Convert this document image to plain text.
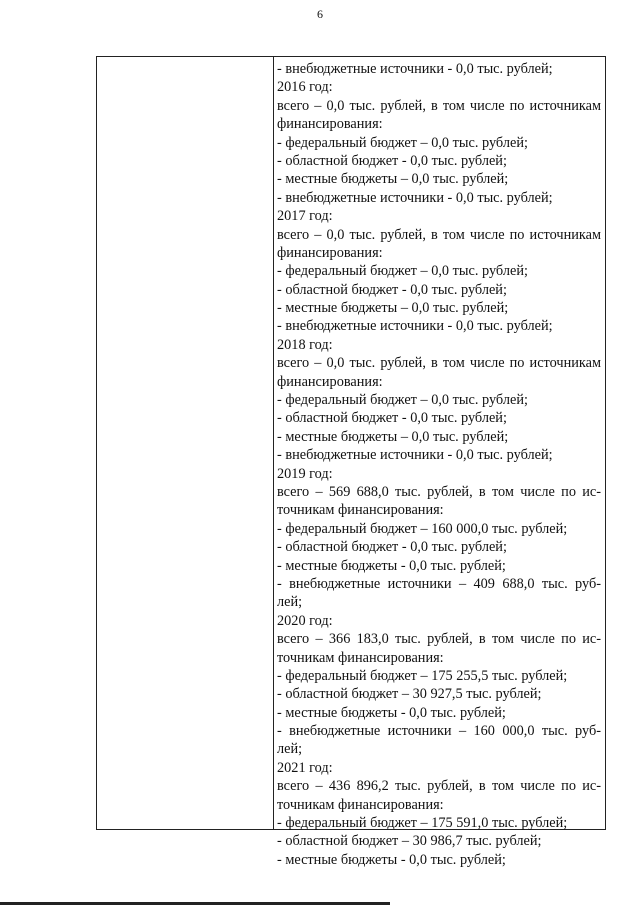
6
- внебюджетные источники - 0,0 тыс. рублей;
2016 год:
всего – 0,0 тыс. рублей, в том числе по источникам
финансирования:
- федеральный бюджет – 0,0 тыс. рублей;
- областной бюджет - 0,0 тыс. рублей;
- местные бюджеты – 0,0 тыс. рублей;
- внебюджетные источники - 0,0 тыс. рублей;
2017 год:
всего – 0,0 тыс. рублей, в том числе по источникам
финансирования:
- федеральный бюджет – 0,0 тыс. рублей;
- областной бюджет - 0,0 тыс. рублей;
- местные бюджеты – 0,0 тыс. рублей;
- внебюджетные источники - 0,0 тыс. рублей;
2018 год:
всего – 0,0 тыс. рублей, в том числе по источникам
финансирования:
- федеральный бюджет – 0,0 тыс. рублей;
- областной бюджет - 0,0 тыс. рублей;
- местные бюджеты – 0,0 тыс. рублей;
- внебюджетные источники - 0,0 тыс. рублей;
2019 год:
всего – 569 688,0 тыс. рублей, в том числе по ис-
точникам финансирования:
- федеральный бюджет – 160 000,0 тыс. рублей;
- областной бюджет - 0,0 тыс. рублей;
- местные бюджеты - 0,0 тыс. рублей;
- внебюджетные источники – 409 688,0 тыс. руб-
лей;
2020 год:
всего – 366 183,0 тыс. рублей, в том числе по ис-
точникам финансирования:
- федеральный бюджет – 175 255,5 тыс. рублей;
- областной бюджет – 30 927,5 тыс. рублей;
- местные бюджеты - 0,0 тыс. рублей;
- внебюджетные источники – 160 000,0 тыс. руб-
лей;
2021 год:
всего – 436 896,2 тыс. рублей, в том числе по ис-
точникам финансирования:
- федеральный бюджет – 175 591,0 тыс. рублей;
- областной бюджет – 30 986,7 тыс. рублей;
- местные бюджеты - 0,0 тыс. рублей;
